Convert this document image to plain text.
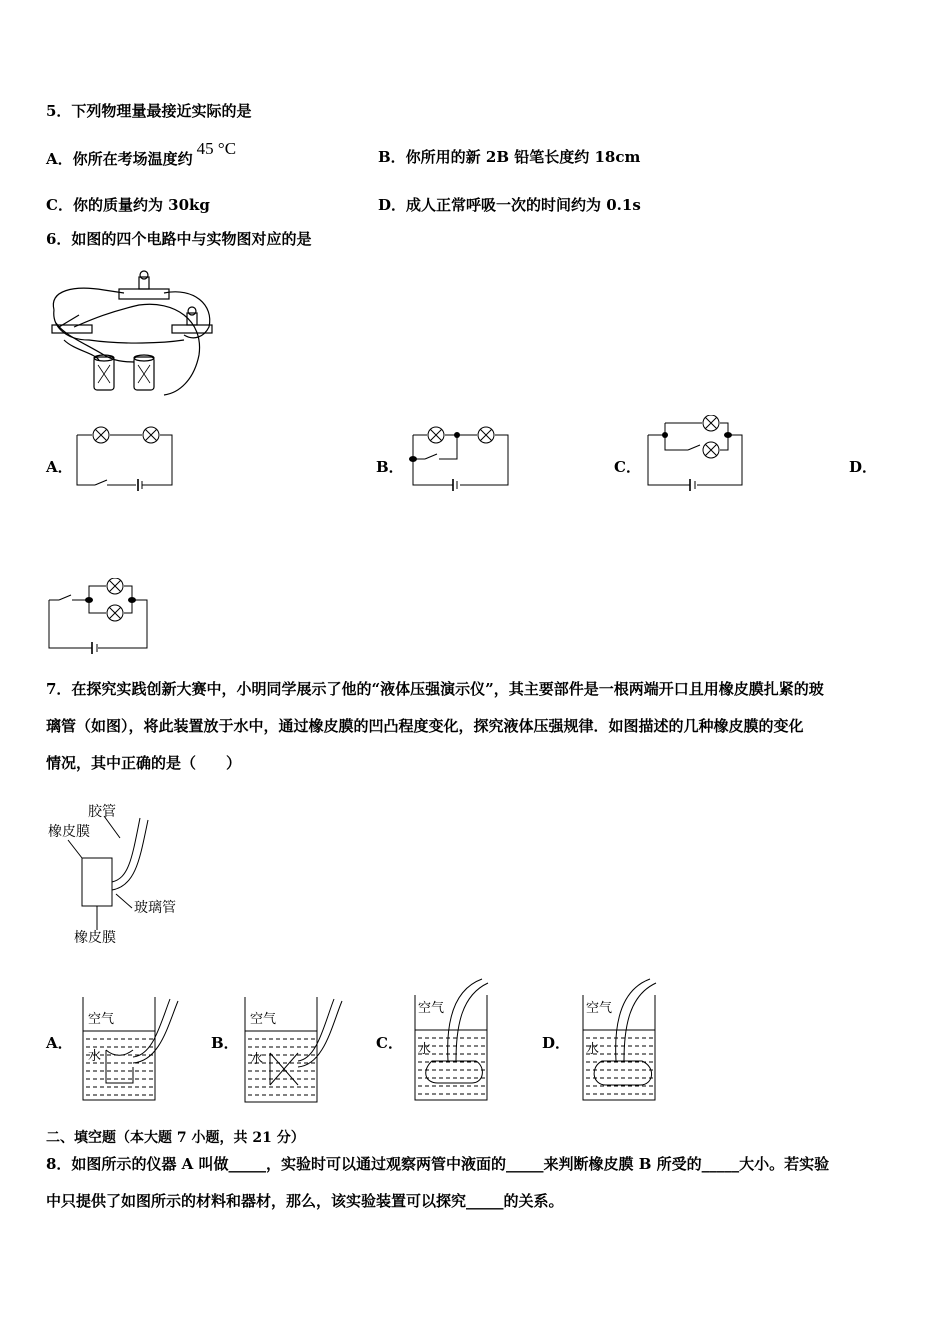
5．下列物理量最接近实际的是
A．你所在考场温度约45 °C	B．你所用的新 2B 铅笔长度约 18cm
C．你的质量约为 30kg	D．成人正常呼吸一次的时间约为 0.1s
6．如图的四个电路中与实物图对应的是
A．	B．	C．	D．
7．在探究实践创新大赛中，小明同学展示了他的“液体压强演示仪”，其主要部件是一根两端开口且用橡皮膜扎紧的玻
璃管（如图），将此装置放于水中，通过橡皮膜的凹凸程度变化，探究液体压强规律．如图描述的几种橡皮膜的变化
情况，其中正确的是（　　）
胶管
橡皮膜
玻璃管
橡皮膜
A．	B．	C．	D．
空气
水
空气
水
空气
水
空气
水
二、填空题（本大题 7 小题，共 21 分）
8．如图所示的仪器 A 叫做_____，实验时可以通过观察两管中液面的_____来判断橡皮膜 B 所受的_____大小。若实验
中只提供了如图所示的材料和器材，那么，该实验装置可以探究_____的关系。
